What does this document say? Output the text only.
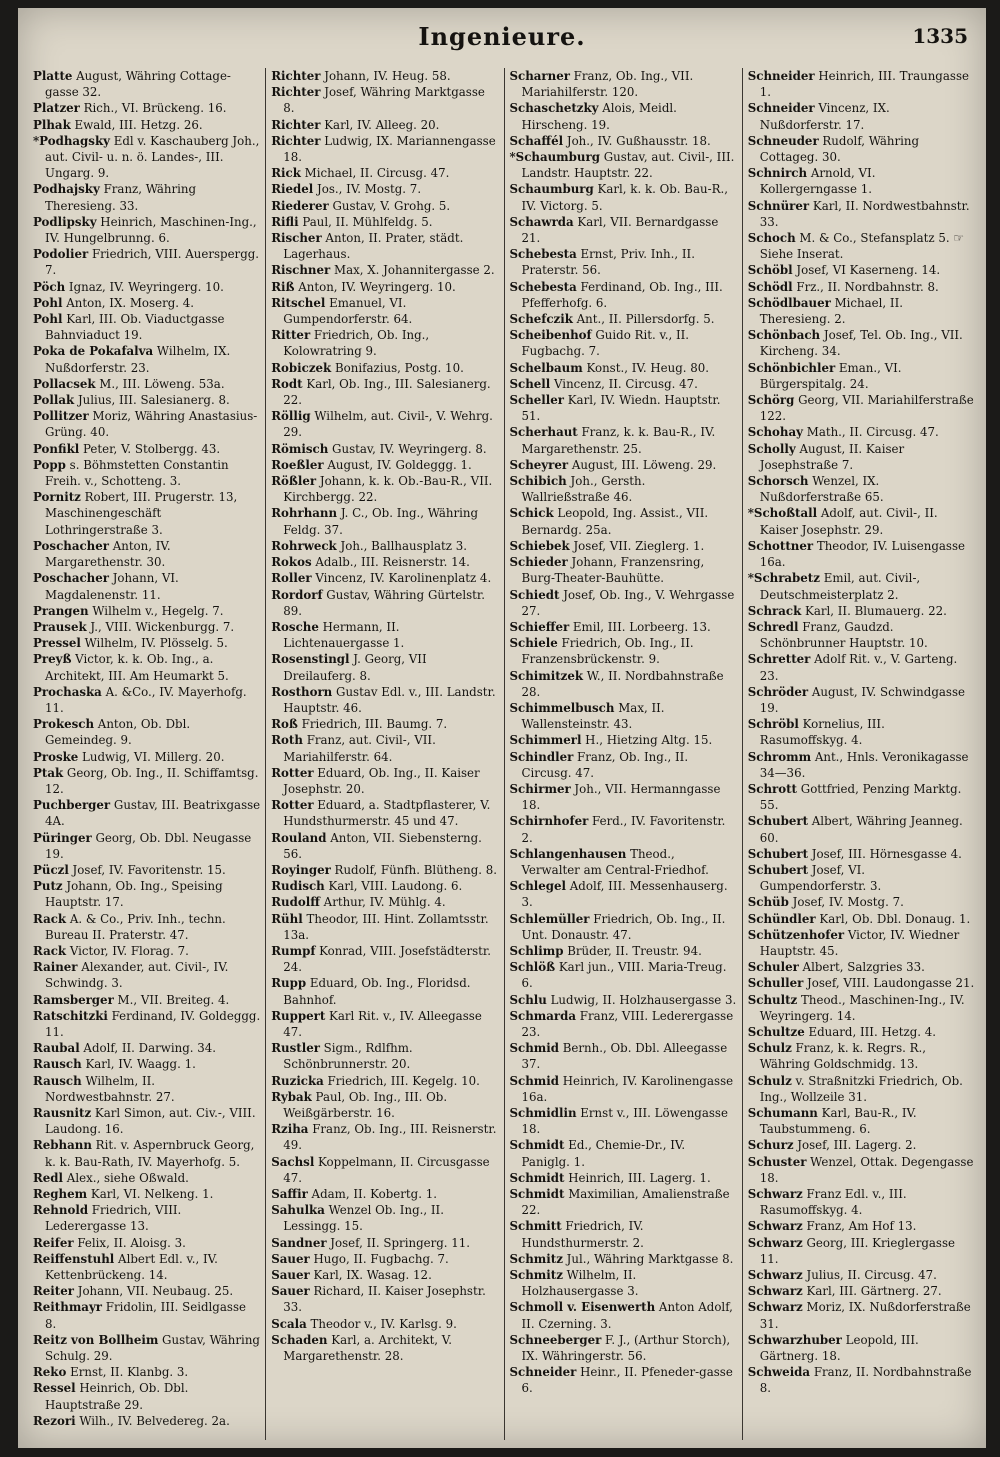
Ingenieure.	1335
Platte August, Währing Cottage-gasse 32.
Platzer Rich., VI. Brückeng. 16.
Plhak Ewald, III. Hetzg. 26.
*Podhagsky Edl v. Kaschauberg Joh., aut. Civil- u. n. ö. Landes-, III. Ungarg. 9.
Podhajsky Franz, Währing Theresieng. 33.
Podlipsky Heinrich, Maschinen-Ing., IV. Hungelbrunng. 6.
Podolier Friedrich, VIII. Auerspergg. 7.
Pöch Ignaz, IV. Weyringerg. 10.
Pohl Anton, IX. Moserg. 4.
Pohl Karl, III. Ob. Viaductgasse Bahnviaduct 19.
Poka de Pokafalva Wilhelm, IX. Nußdorferstr. 23.
Pollacsek M., III. Löweng. 53a.
Pollak Julius, III. Salesianerg. 8.
Pollitzer Moriz, Währing Anastasius-Grüng. 40.
Ponfikl Peter, V. Stolbergg. 43.
Popp s. Böhmstetten Constantin Freih. v., Schotteng. 3.
Pornitz Robert, III. Prugerstr. 13, Maschinengeschäft Lothringerstraße 3.
Poschacher Anton, IV. Margarethenstr. 30.
Poschacher Johann, VI. Magdalenenstr. 11.
Prangen Wilhelm v., Hegelg. 7.
Prausek J., VIII. Wickenburgg. 7.
Pressel Wilhelm, IV. Plösselg. 5.
Preyß Victor, k. k. Ob. Ing., a. Architekt, III. Am Heumarkt 5.
Prochaska A. &Co., IV. Mayerhofg. 11.
Prokesch Anton, Ob. Dbl. Gemeindeg. 9.
Proske Ludwig, VI. Millerg. 20.
Ptak Georg, Ob. Ing., II. Schiffamtsg. 12.
Puchberger Gustav, III. Beatrixgasse 4A.
Püringer Georg, Ob. Dbl. Neugasse 19.
Püczl Josef, IV. Favoritenstr. 15.
Putz Johann, Ob. Ing., Speising Hauptstr. 17.
Rack A. & Co., Priv. Inh., techn. Bureau II. Praterstr. 47.
Rack Victor, IV. Florag. 7.
Rainer Alexander, aut. Civil-, IV. Schwindg. 3.
Ramsberger M., VII. Breiteg. 4.
Ratschitzki Ferdinand, IV. Goldeggg. 11.
Raubal Adolf, II. Darwing. 34.
Rausch Karl, IV. Waagg. 1.
Rausch Wilhelm, II. Nordwestbahnstr. 27.
Rausnitz Karl Simon, aut. Civ.-, VIII. Laudong. 16.
Rebhann Rit. v. Aspernbruck Georg, k. k. Bau-Rath, IV. Mayerhofg. 5.
Redl Alex., siehe Oßwald.
Reghem Karl, VI. Nelkeng. 1.
Rehnold Friedrich, VIII. Lederergasse 13.
Reifer Felix, II. Aloisg. 3.
Reiffenstuhl Albert Edl. v., IV. Kettenbrückeng. 14.
Reiter Johann, VII. Neubaug. 25.
Reithmayr Fridolin, III. Seidlgasse 8.
Reitz von Bollheim Gustav, Währing Schulg. 29.
Reko Ernst, II. Klanbg. 3.
Ressel Heinrich, Ob. Dbl. Hauptstraße 29.
Rezori Wilh., IV. Belvedereg. 2a.
Richter Johann, IV. Heug. 58.
Richter Josef, Währing Marktgasse 8.
Richter Karl, IV. Alleeg. 20.
Richter Ludwig, IX. Mariannengasse 18.
Rick Michael, II. Circusg. 47.
Riedel Jos., IV. Mostg. 7.
Riederer Gustav, V. Grohg. 5.
Rifli Paul, II. Mühlfeldg. 5.
Rischer Anton, II. Prater, städt. Lagerhaus.
Rischner Max, X. Johannitergasse 2.
Riß Anton, IV. Weyringerg. 10.
Ritschel Emanuel, VI. Gumpendorferstr. 64.
Ritter Friedrich, Ob. Ing., Kolowratring 9.
Robiczek Bonifazius, Postg. 10.
Rodt Karl, Ob. Ing., III. Salesianerg. 22.
Röllig Wilhelm, aut. Civil-, V. Wehrg. 29.
Römisch Gustav, IV. Weyringerg. 8.
Roeßler August, IV. Goldeggg. 1.
Rößler Johann, k. k. Ob.-Bau-R., VII. Kirchbergg. 22.
Rohrhann J. C., Ob. Ing., Währing Feldg. 37.
Rohrweck Joh., Ballhausplatz 3.
Rokos Adalb., III. Reisnerstr. 14.
Roller Vincenz, IV. Karolinenplatz 4.
Rordorf Gustav, Währing Gürtelstr. 89.
Rosche Hermann, II. Lichtenauergasse 1.
Rosenstingl J. Georg, VII Dreilauferg. 8.
Rosthorn Gustav Edl. v., III. Landstr. Hauptstr. 46.
Roß Friedrich, III. Baumg. 7.
Roth Franz, aut. Civil-, VII. Mariahilferstr. 64.
Rotter Eduard, Ob. Ing., II. Kaiser Josephstr. 20.
Rotter Eduard, a. Stadtpflasterer, V. Hundsthurmerstr. 45 und 47.
Rouland Anton, VII. Siebensterng. 56.
Royinger Rudolf, Fünfh. Blütheng. 8.
Rudisch Karl, VIII. Laudong. 6.
Rudolff Arthur, IV. Mühlg. 4.
Rühl Theodor, III. Hint. Zollamtsstr. 13a.
Rumpf Konrad, VIII. Josefstädterstr. 24.
Rupp Eduard, Ob. Ing., Floridsd. Bahnhof.
Ruppert Karl Rit. v., IV. Alleegasse 47.
Rustler Sigm., Rdlfhm. Schönbrunnerstr. 20.
Ruzicka Friedrich, III. Kegelg. 10.
Rybak Paul, Ob. Ing., III. Ob. Weißgärberstr. 16.
Rziha Franz, Ob. Ing., III. Reisnerstr. 49.
Sachsl Koppelmann, II. Circusgasse 47.
Saffir Adam, II. Kobertg. 1.
Sahulka Wenzel Ob. Ing., II. Lessingg. 15.
Sandner Josef, II. Springerg. 11.
Sauer Hugo, II. Fugbachg. 7.
Sauer Karl, IX. Wasag. 12.
Sauer Richard, II. Kaiser Josephstr. 33.
Scala Theodor v., IV. Karlsg. 9.
Schaden Karl, a. Architekt, V. Margarethenstr. 28.
Scharner Franz, Ob. Ing., VII. Mariahilferstr. 120.
Schaschetzky Alois, Meidl. Hirscheng. 19.
Schaffél Joh., IV. Gußhausstr. 18.
*Schaumburg Gustav, aut. Civil-, III. Landstr. Hauptstr. 22.
Schaumburg Karl, k. k. Ob. Bau-R., IV. Victorg. 5.
Schawrda Karl, VII. Bernardgasse 21.
Schebesta Ernst, Priv. Inh., II. Praterstr. 56.
Schebesta Ferdinand, Ob. Ing., III. Pfefferhofg. 6.
Schefczik Ant., II. Pillersdorfg. 5.
Scheibenhof Guido Rit. v., II. Fugbachg. 7.
Schelbaum Konst., IV. Heug. 80.
Schell Vincenz, II. Circusg. 47.
Scheller Karl, IV. Wiedn. Hauptstr. 51.
Scherhaut Franz, k. k. Bau-R., IV. Margarethenstr. 25.
Scheyrer August, III. Löweng. 29.
Schibich Joh., Gersth. Wallrießstraße 46.
Schick Leopold, Ing. Assist., VII. Bernardg. 25a.
Schiebek Josef, VII. Zieglerg. 1.
Schieder Johann, Franzensring, Burg-Theater-Bauhütte.
Schiedt Josef, Ob. Ing., V. Wehrgasse 27.
Schieffer Emil, III. Lorbeerg. 13.
Schiele Friedrich, Ob. Ing., II. Franzensbrückenstr. 9.
Schimitzek W., II. Nordbahnstraße 28.
Schimmelbusch Max, II. Wallensteinstr. 43.
Schimmerl H., Hietzing Altg. 15.
Schindler Franz, Ob. Ing., II. Circusg. 47.
Schirmer Joh., VII. Hermanngasse 18.
Schirnhofer Ferd., IV. Favoritenstr. 2.
Schlangenhausen Theod., Verwalter am Central-Friedhof.
Schlegel Adolf, III. Messenhauserg. 3.
Schlemüller Friedrich, Ob. Ing., II. Unt. Donaustr. 47.
Schlimp Brüder, II. Treustr. 94.
Schlöß Karl jun., VIII. Maria-Treug. 6.
Schlu Ludwig, II. Holzhausergasse 3.
Schmarda Franz, VIII. Lederergasse 23.
Schmid Bernh., Ob. Dbl. Alleegasse 37.
Schmid Heinrich, IV. Karolinengasse 16a.
Schmidlin Ernst v., III. Löwengasse 18.
Schmidt Ed., Chemie-Dr., IV. Paniglg. 1.
Schmidt Heinrich, III. Lagerg. 1.
Schmidt Maximilian, Amalienstraße 22.
Schmitt Friedrich, IV. Hundsthurmerstr. 2.
Schmitz Jul., Währing Marktgasse 8.
Schmitz Wilhelm, II. Holzhausergasse 3.
Schmoll v. Eisenwerth Anton Adolf, II. Czerning. 3.
Schneeberger F. J., (Arthur Storch), IX. Währingerstr. 56.
Schneider Heinr., II. Pfeneder-gasse 6.
Schneider Heinrich, III. Traungasse 1.
Schneider Vincenz, IX. Nußdorferstr. 17.
Schneuder Rudolf, Währing Cottageg. 30.
Schnirch Arnold, VI. Kollergerngasse 1.
Schnürer Karl, II. Nordwestbahnstr. 33.
Schoch M. & Co., Stefansplatz 5. ☞ Siehe Inserat.
Schöbl Josef, VI Kaserneng. 14.
Schödl Frz., II. Nordbahnstr. 8.
Schödlbauer Michael, II. Theresieng. 2.
Schönbach Josef, Tel. Ob. Ing., VII. Kircheng. 34.
Schönbichler Eman., VI. Bürgerspitalg. 24.
Schörg Georg, VII. Mariahilferstraße 122.
Schohay Math., II. Circusg. 47.
Scholly August, II. Kaiser Josephstraße 7.
Schorsch Wenzel, IX. Nußdorferstraße 65.
*Schoßtall Adolf, aut. Civil-, II. Kaiser Josephstr. 29.
Schottner Theodor, IV. Luisengasse 16a.
*Schrabetz Emil, aut. Civil-, Deutschmeisterplatz 2.
Schrack Karl, II. Blumauerg. 22.
Schredl Franz, Gaudzd. Schönbrunner Hauptstr. 10.
Schretter Adolf Rit. v., V. Garteng. 23.
Schröder August, IV. Schwindgasse 19.
Schröbl Kornelius, III. Rasumoffskyg. 4.
Schromm Ant., Hnls. Veronikagasse 34—36.
Schrott Gottfried, Penzing Marktg. 55.
Schubert Albert, Währing Jeanneg. 60.
Schubert Josef, III. Hörnesgasse 4.
Schubert Josef, VI. Gumpendorferstr. 3.
Schüb Josef, IV. Mostg. 7.
Schündler Karl, Ob. Dbl. Donaug. 1.
Schützenhofer Victor, IV. Wiedner Hauptstr. 45.
Schuler Albert, Salzgries 33.
Schuller Josef, VIII. Laudongasse 21.
Schultz Theod., Maschinen-Ing., IV. Weyringerg. 14.
Schultze Eduard, III. Hetzg. 4.
Schulz Franz, k. k. Regrs. R., Währing Goldschmidg. 13.
Schulz v. Straßnitzki Friedrich, Ob. Ing., Wollzeile 31.
Schumann Karl, Bau-R., IV. Taubstummeng. 6.
Schurz Josef, III. Lagerg. 2.
Schuster Wenzel, Ottak. Degengasse 18.
Schwarz Franz Edl. v., III. Rasumoffskyg. 4.
Schwarz Franz, Am Hof 13.
Schwarz Georg, III. Krieglergasse 11.
Schwarz Julius, II. Circusg. 47.
Schwarz Karl, III. Gärtnerg. 27.
Schwarz Moriz, IX. Nußdorferstraße 31.
Schwarzhuber Leopold, III. Gärtnerg. 18.
Schweida Franz, II. Nordbahnstraße 8.
